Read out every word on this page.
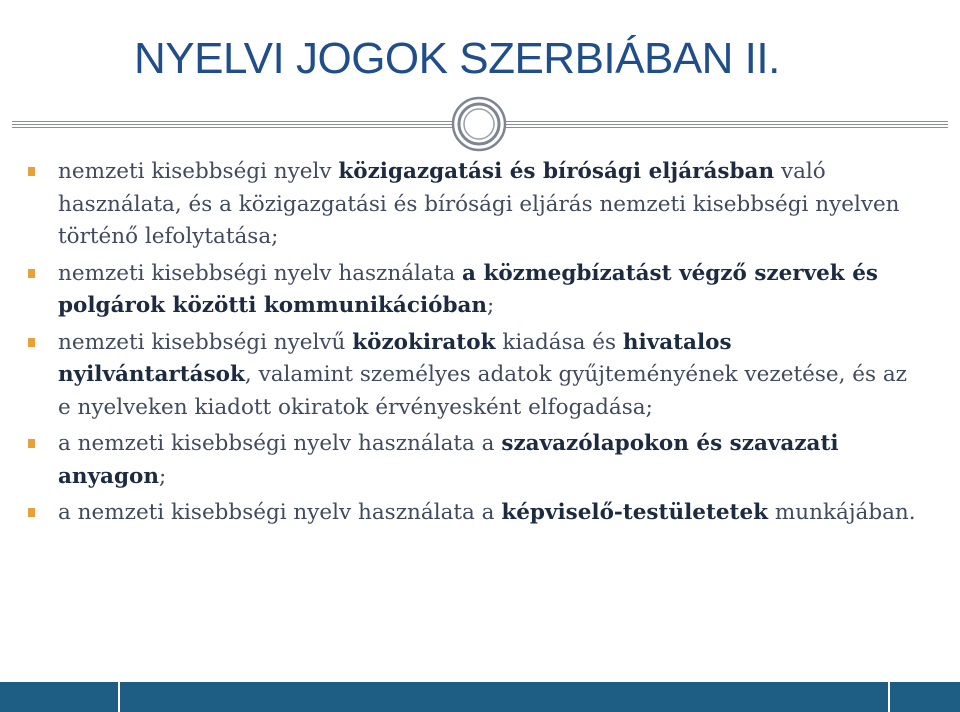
NYELVI JOGOK SZERBIÁBAN II.
nemzeti kisebbségi nyelv közigazgatási és bírósági eljárásban való használata, és a közigazgatási és bírósági eljárás nemzeti kisebbségi nyelven történő lefolytatása;
nemzeti kisebbségi nyelv használata a közmegbízatást végző szervek és polgárok közötti kommunikációban;
nemzeti kisebbségi nyelvű közokiratok kiadása és hivatalos nyilvántartások, valamint személyes adatok gyűjteményének vezetése, és az e nyelveken kiadott okiratok érvényesként elfogadása;
a nemzeti kisebbségi nyelv használata a szavazólapokon és szavazati anyagon;
a nemzeti kisebbségi nyelv használata a képviselő-testületetek munkájában.
